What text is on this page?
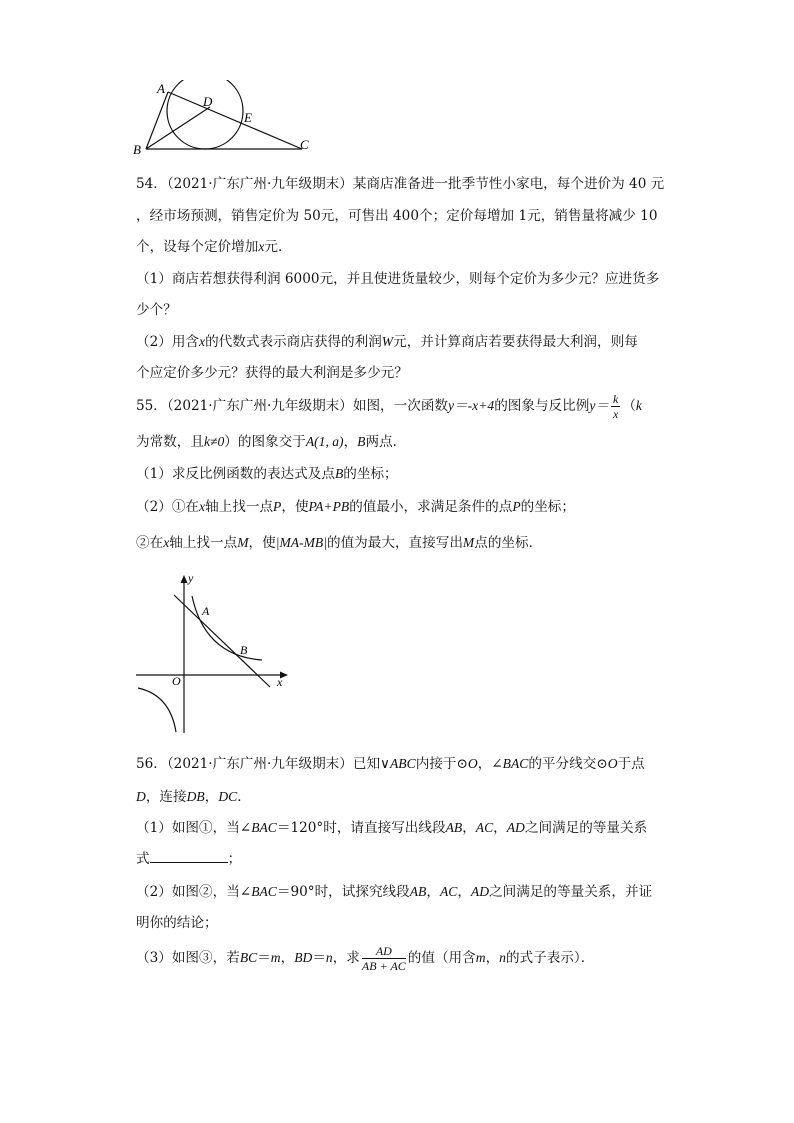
A
D
E
B	C
54．（2021·广东广州·九年级期末）某商店准备进一批季节性小家电，每个进价为 40 元
，经市场预测，销售定价为 50元，可售出 400个；定价每增加 1元，销售量将减少 10
个，设每个定价增加x元．
（1）商店若想获得利润 6000元，并且使进货量较少，则每个定价为多少元？应进货多
少个？
（2）用含x的代数式表示商店获得的利润W元，并计算商店若要获得最大利润，则每
个应定价多少元？获得的最大利润是多少元？
55．（2021·广东广州·九年级期末）如图，一次函数y＝-x+4的图象与反比例$y= \frac{k}{x} (k$
为常数，且k≠0）的图象交于A(1, a)，B两点．
（1）求反比例函数的表达式及点B的坐标；
（2）①在x轴上找一点P，使PA+PB的值最小，求满足条件的点P的坐标；
②在x轴上找一点M，使|MA-MB|的值为最大，直接写出M点的坐标．
y
A
B
O	x
56．（2021·广东广州·九年级期末）已知∨ABC内接于⊙O，∠BAC的平分线交⊙O于点
D，连接DB，DC．
（1）如图①，当∠BAC＝120°时，请直接写出线段AB，AC，AD之间满足的等量关系
式	；
（2）如图②，当∠BAC＝90°时，试探究线段AB，AC，AD之间满足的等量关系，并证
明你的结论；
（3）如图③，若BC＝m，BD＝n，求 $\frac{AD}{AB + AC}$ 的值（用含m，n的式子表示）．
